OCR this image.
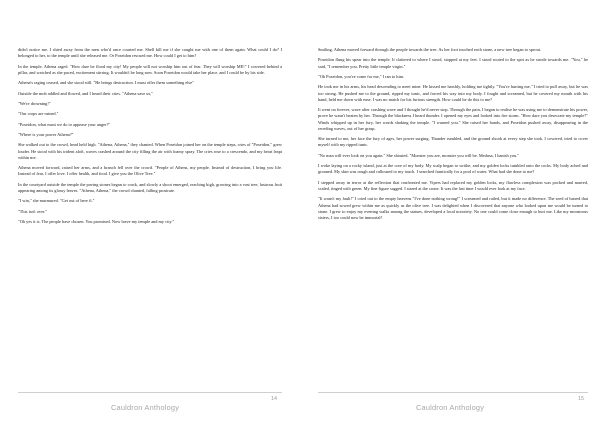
didn't notice me. I shied away from the men who'd once courted me. Shell kill me if she caught me with one of them again. What could I do? I belonged to her, to the temple until she released me. Or Poseidon rescued me. How could I get to him?

In the temple, Athena raged. "How dare he flood my city! My people will not worship him out of fear. They will worship ME!" I cowered behind a pillar, and watched as she paced, excitement stirring. It wouldn't be long now. Soon Poseidon would take her place, and I could be by his side.

Athena's raging ceased, and she stood still. "He brings destruction. I must offer them something else"

Outside the mob addled and flowed, and I heard their cries. "Athena save us,"

"We're drowning!"

"Our crops are ruined."

"Poseidon, what must we do to appease your anger?"

"Where is your power Athena?"

She walked out to the crowd, head held high. "Athena, Athena," they chanted. When Poseidon joined her on the temple steps, cries of "Poseidon," grew louder. He stood with his trident aloft, waves crashed around the city filling the air with foamy spray. The cries rose to a crescendo, and my heart leapt within me.

Athena moved forward, raised her arms, and a branch fell over the crowd. "People of Athens, my people. Instead of destruction, I bring you life. Instead of fear, I offer love. I offer health, and food. I give you the Olive Tree."

In the courtyard outside the temple the paving stones began to crack, and slowly a shoot emerged, reaching high, growing into a vast tree, lustrous fruit appearing among its glossy leaves. "Athena, Athena," the crowd chanted, falling prostrate.

"I win," she murmured. "Get out of here fi."

"This isn't over."

"Oh yes it is. The people have chosen. You promised. Now leave my temple and my city."

14
Cauldron Anthology

Smiling, Athena moved forward through the people towards the tree. As her foot touched each stone, a new tree began to sprout.

Poseidon flung his spear into the temple. It clattered to where I stood, stopped at my feet. I stood rooted to the spot as he strode towards me. "You," he said, "I remember you. Pretty little temple virgin."

"Oh Poseidon, you've come for me," I ran to him.

He took me in his arms, his head descending to meet mine. He kissed me harshly, holding me tightly. "You're hurting me," I tried to pull away, but he was too strong. He pushed me to the ground, ripped my tunic, and forced his way into my body. I fought and screamed, but he covered my mouth with his hand, held me down with ease. I was no match for his furious strength. How could he do this to me?

It went on forever, wave after crashing wave and I thought he'd never stop. Through the pain, I began to realise he was using me to demonstrate his power, prove he wasn't beaten by her. Through the blackness I heard thunder. I opened my eyes and looked into fire storm. "How dare you desecrate my temple?" Winds whipped up in her fury, her words shaking the temple. "I warned you." She raised her hands, and Poseidon pushed away, disappearing in the receding waves, out of her grasp.

She turned to me, her face the fury of ages, her power surging. Thunder rumbled, and the ground shook at every step she took. I cowered, tried to cover myself with my ripped tunic.

"No man will ever look on you again." She shouted. "Monster you are, monster you will be. Medusa, I banish you."

I woke laying on a rocky island, just at the core of my body. My scalp began to writhe, and my golden locks tumbled onto the rocks. My body ached and groaned. My skin was rough and calloused to my touch. I searched frantically for a pool of water. What had she done to me?

I stepped away in terror at the reflection that confronted me. Vipers had replaced my golden locks, my flawless complexion was pocked and marred, scaled, tinged with green. My fine figure sagged. I stared at the crone. It was the last time I would ever look at my face.

"It wasn't my fault!" I cried out to the empty heavens "I've done nothing wrong!" I screamed and railed, but it made no difference. The seed of hatred that Athena had sowed grew within me as quickly as the olive tree. I was delighted when I discovered that anyone who looked upon me would be turned to stone. I grew to enjoy my evening walks among the statues, developed a local notoriety. No one could come close enough to hurt me. Like my monstrous sisters, I too could now be immortal!

15
Cauldron Anthology
